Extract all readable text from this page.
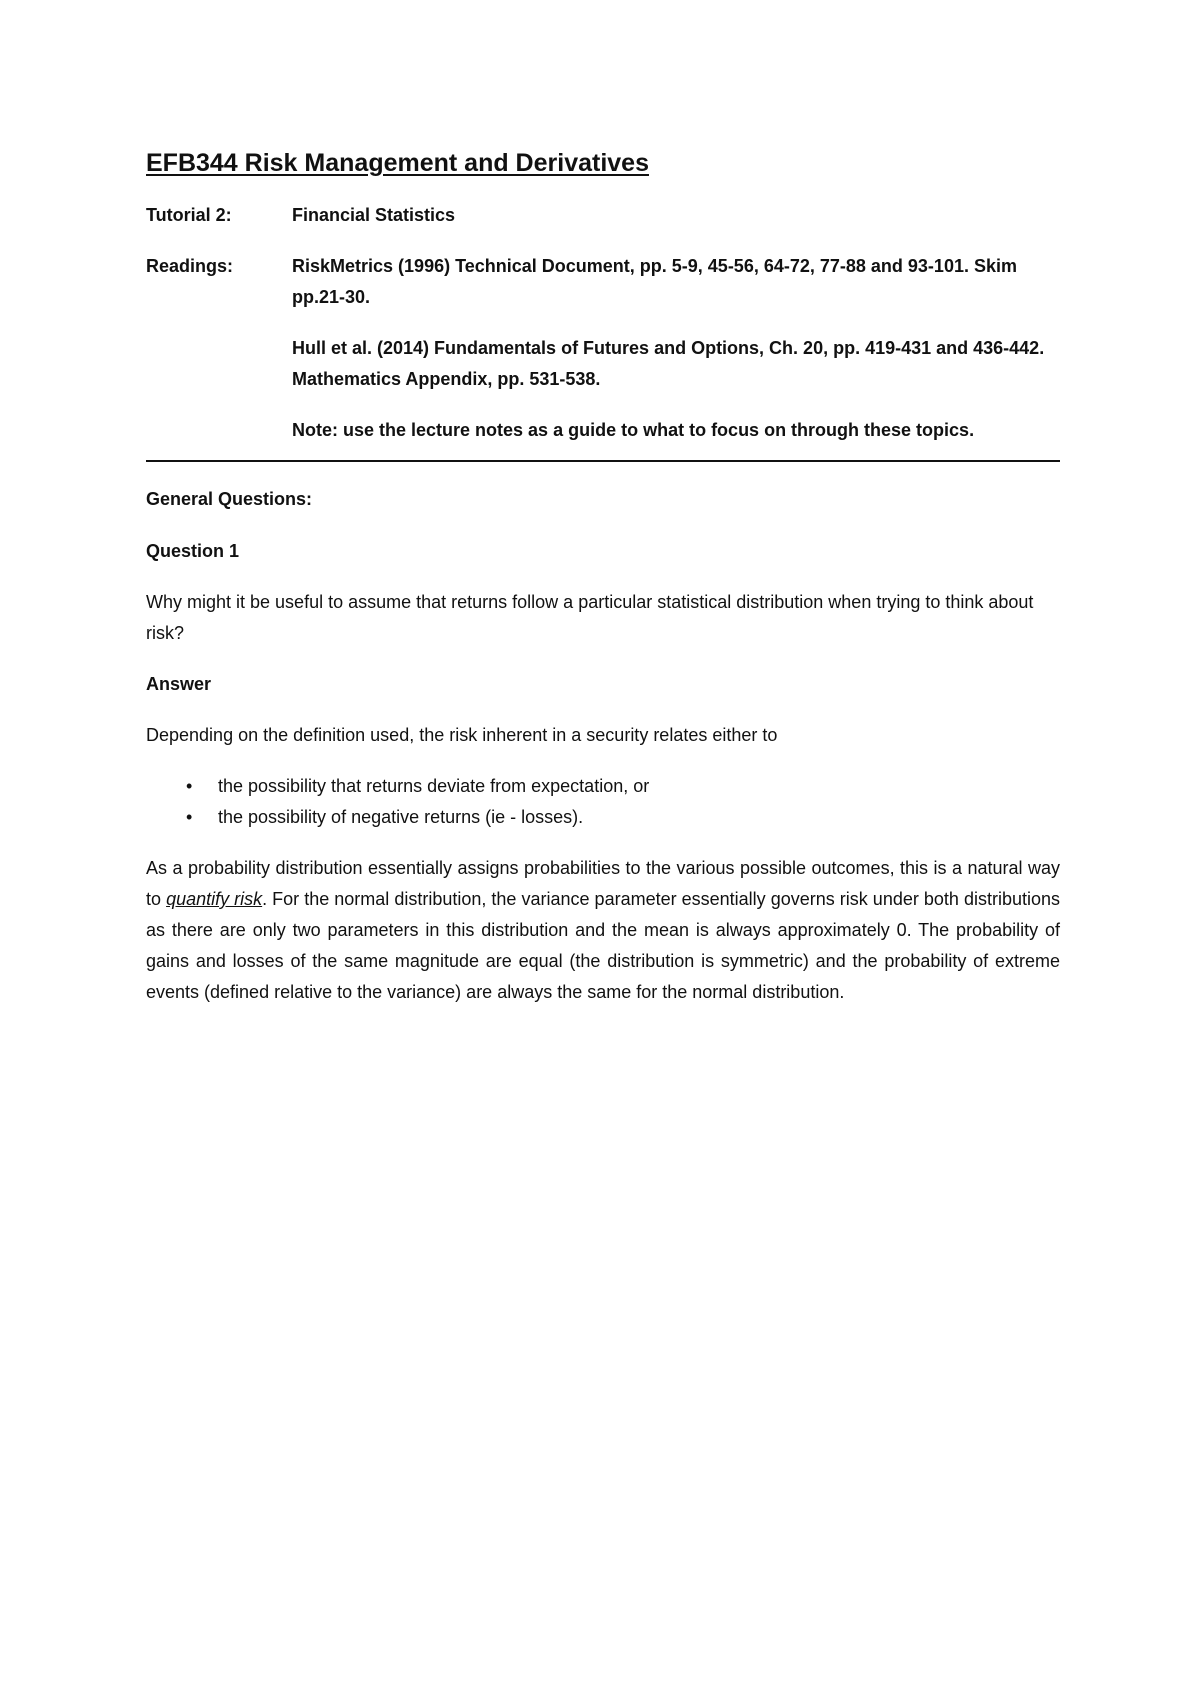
EFB344 Risk Management and Derivatives
Tutorial 2:	Financial Statistics
Readings:	RiskMetrics (1996) Technical Document, pp. 5-9, 45-56, 64-72, 77-88 and 93-101. Skim pp.21-30.

Hull et al. (2014) Fundamentals of Futures and Options, Ch. 20, pp. 419-431 and 436-442. Mathematics Appendix, pp. 531-538.

Note: use the lecture notes as a guide to what to focus on through these topics.

General Questions:

Question 1

Why might it be useful to assume that returns follow a particular statistical distribution when trying to think about risk?

Answer

Depending on the definition used, the risk inherent in a security relates either to

•	the possibility that returns deviate from expectation, or
•	the possibility of negative returns (ie - losses).

As a probability distribution essentially assigns probabilities to the various possible outcomes, this is a natural way to quantify risk. For the normal distribution, the variance parameter essentially governs risk under both distributions as there are only two parameters in this distribution and the mean is always approximately 0. The probability of gains and losses of the same magnitude are equal (the distribution is symmetric) and the probability of extreme events (defined relative to the variance) are always the same for the normal distribution.
